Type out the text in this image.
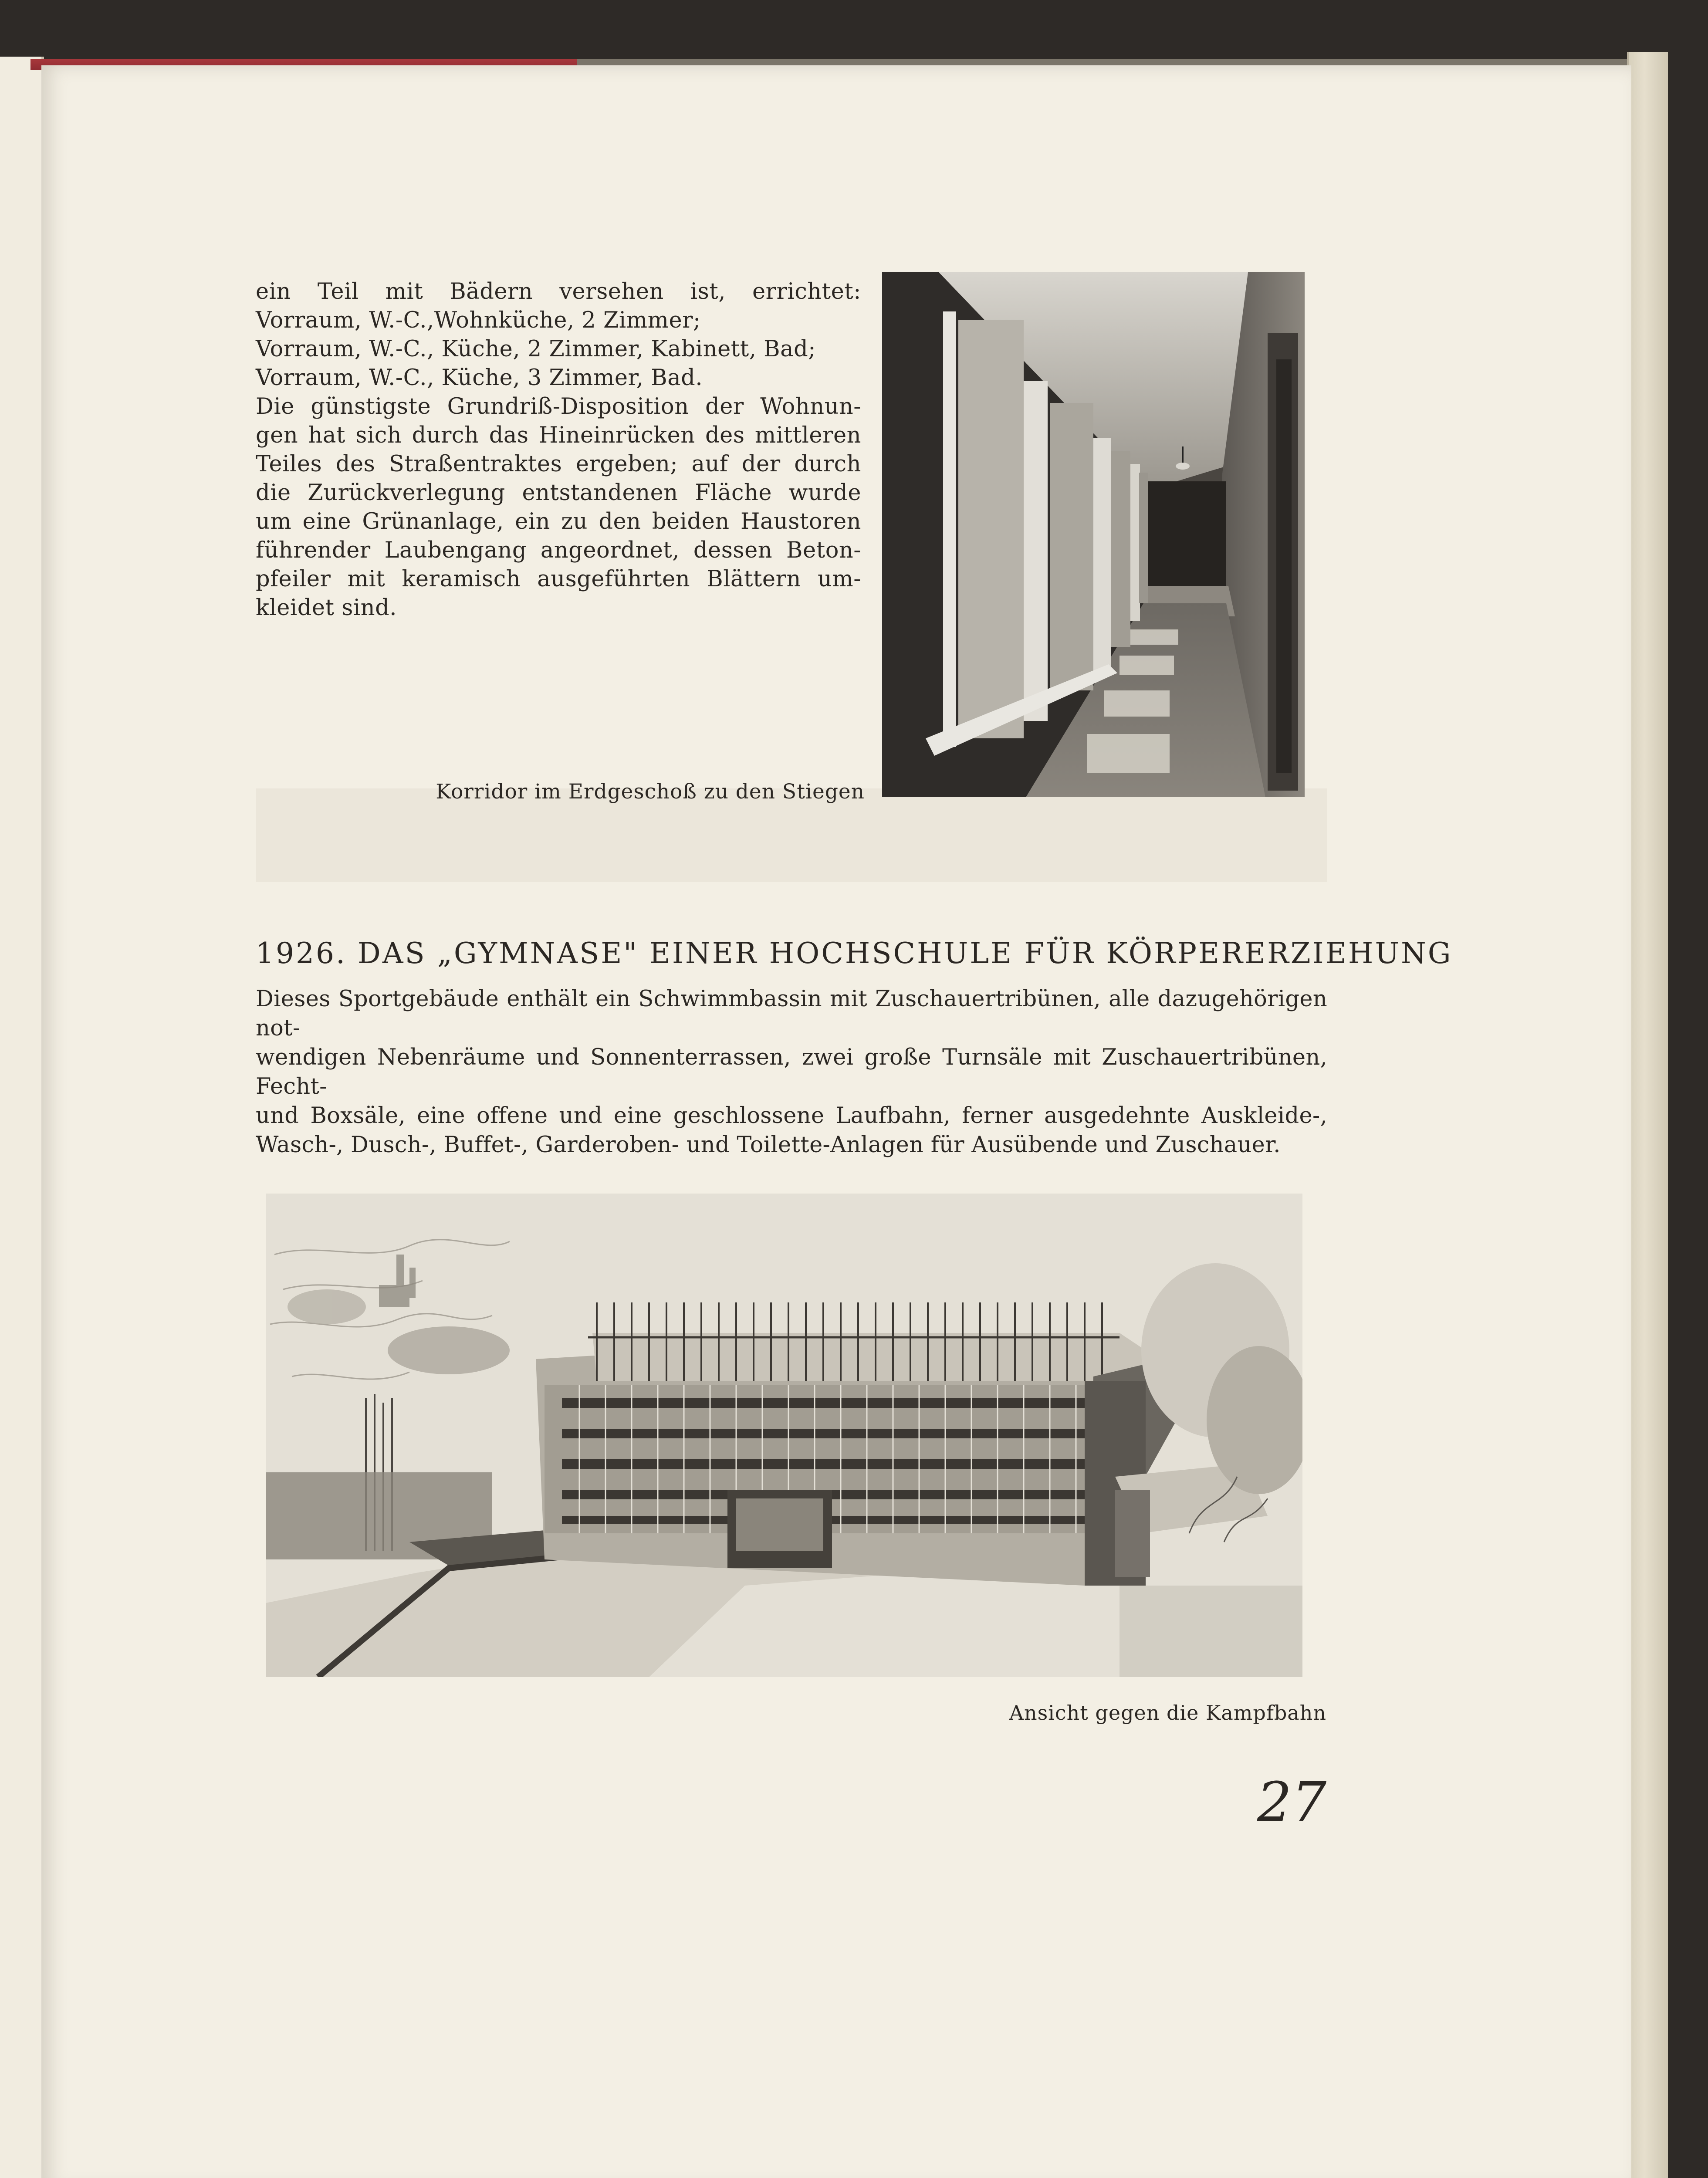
ein Teil mit Bädern versehen ist, errichtet:
Vorraum, W.-C.,Wohnküche, 2 Zimmer;
Vorraum, W.-C., Küche, 2 Zimmer, Kabinett, Bad;
Vorraum, W.-C., Küche, 3 Zimmer, Bad.
Die günstigste Grundriß-Disposition der Wohnun-
gen hat sich durch das Hineinrücken des mittleren
Teiles des Straßentraktes ergeben; auf der durch
die Zurückverlegung entstandenen Fläche wurde
um eine Grünanlage, ein zu den beiden Haustoren
führender Laubengang angeordnet, dessen Beton-
pfeiler mit keramisch ausgeführten Blättern um-
kleidet sind.
Korridor im Erdgeschoß zu den Stiegen
1926. DAS „GYMNASE" EINER HOCHSCHULE FÜR KÖRPERERZIEHUNG
Dieses Sportgebäude enthält ein Schwimmbassin mit Zuschauertribünen, alle dazugehörigen not-
wendigen Nebenräume und Sonnenterrassen, zwei große Turnsäle mit Zuschauertribünen, Fecht-
und Boxsäle, eine offene und eine geschlossene Laufbahn, ferner ausgedehnte Auskleide-,
Wasch-, Dusch-, Buffet-, Garderoben- und Toilette-Anlagen für Ausübende und Zuschauer.
Ansicht gegen die Kampfbahn
27
